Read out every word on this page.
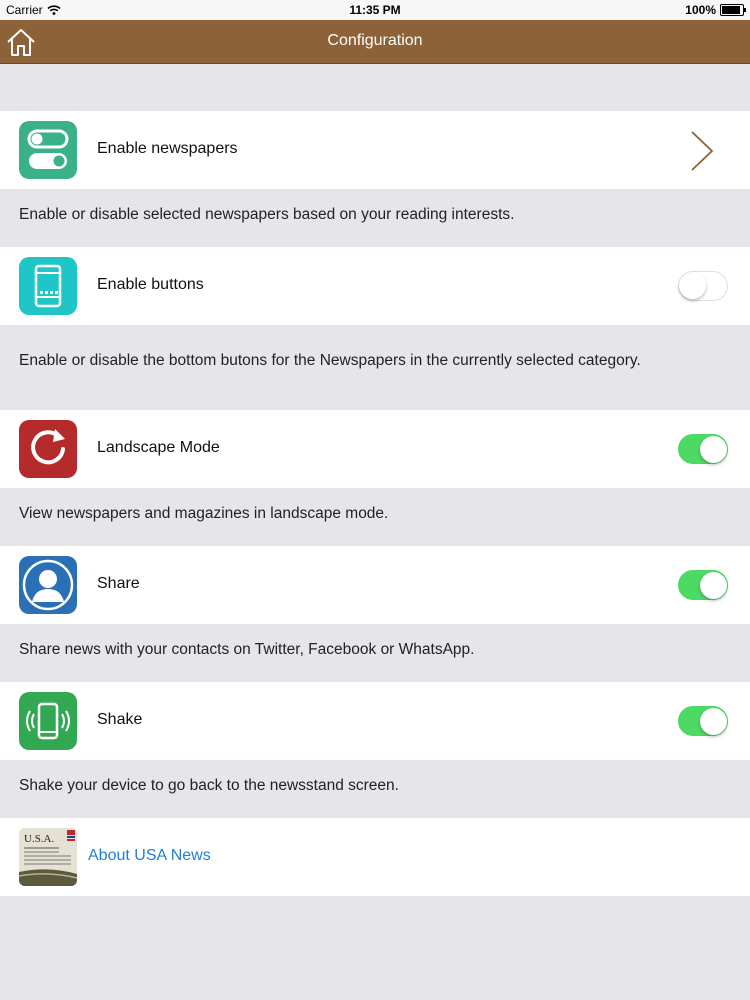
Carrier	11:35 PM	100%
Configuration
Enable newspapers
Enable or disable selected newspapers based on your reading interests.
Enable buttons
Enable or disable the bottom butons for the Newspapers in the currently selected category.
Landscape Mode
View newspapers and magazines in landscape mode.
Share
Share news with your contacts on Twitter, Facebook or WhatsApp.
Shake
Shake your device to go back to the newsstand screen.
U.S.A.
About USA News
